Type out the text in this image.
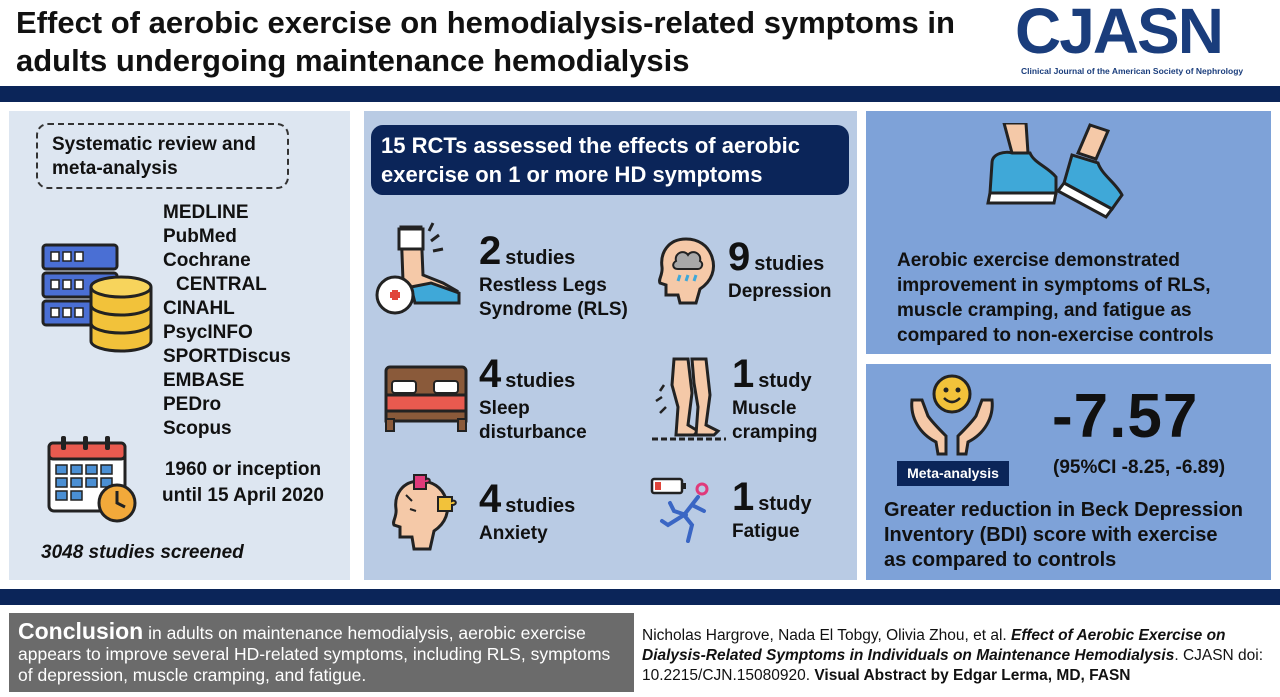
Effect of aerobic exercise on hemodialysis-related symptoms in adults undergoing maintenance hemodialysis	CJASN
Clinical Journal of the American Society of Nephrology
Systematic review and meta-analysis
MEDLINE
PubMed
Cochrane
CENTRAL
CINAHL
PsycINFO
SPORTDiscus
EMBASE
PEDro
Scopus
1960 or inception
until 15 April 2020
3048 studies screened
15 RCTs assessed the effects of aerobic exercise on 1 or more HD symptoms
2 studies
Restless Legs
Syndrome (RLS)
9 studies
Depression
4 studies
Sleep
disturbance
1 study
Muscle
cramping
4 studies
Anxiety
1 study
Fatigue
Aerobic exercise demonstrated
improvement in symptoms of RLS,
muscle cramping, and fatigue as
compared to non-exercise controls
Meta-analysis
-7.57
(95%CI -8.25, -6.89)
Greater reduction in Beck Depression
Inventory (BDI) score with exercise
as compared to controls
Conclusion in adults on maintenance hemodialysis, aerobic exercise appears to improve several HD-related symptoms, including RLS, symptoms of depression, muscle cramping, and fatigue.
Nicholas Hargrove, Nada El Tobgy, Olivia Zhou, et al. Effect of Aerobic Exercise on Dialysis-Related Symptoms in Individuals on Maintenance Hemodialysis. CJASN doi: 10.2215/CJN.15080920. Visual Abstract by Edgar Lerma, MD, FASN
